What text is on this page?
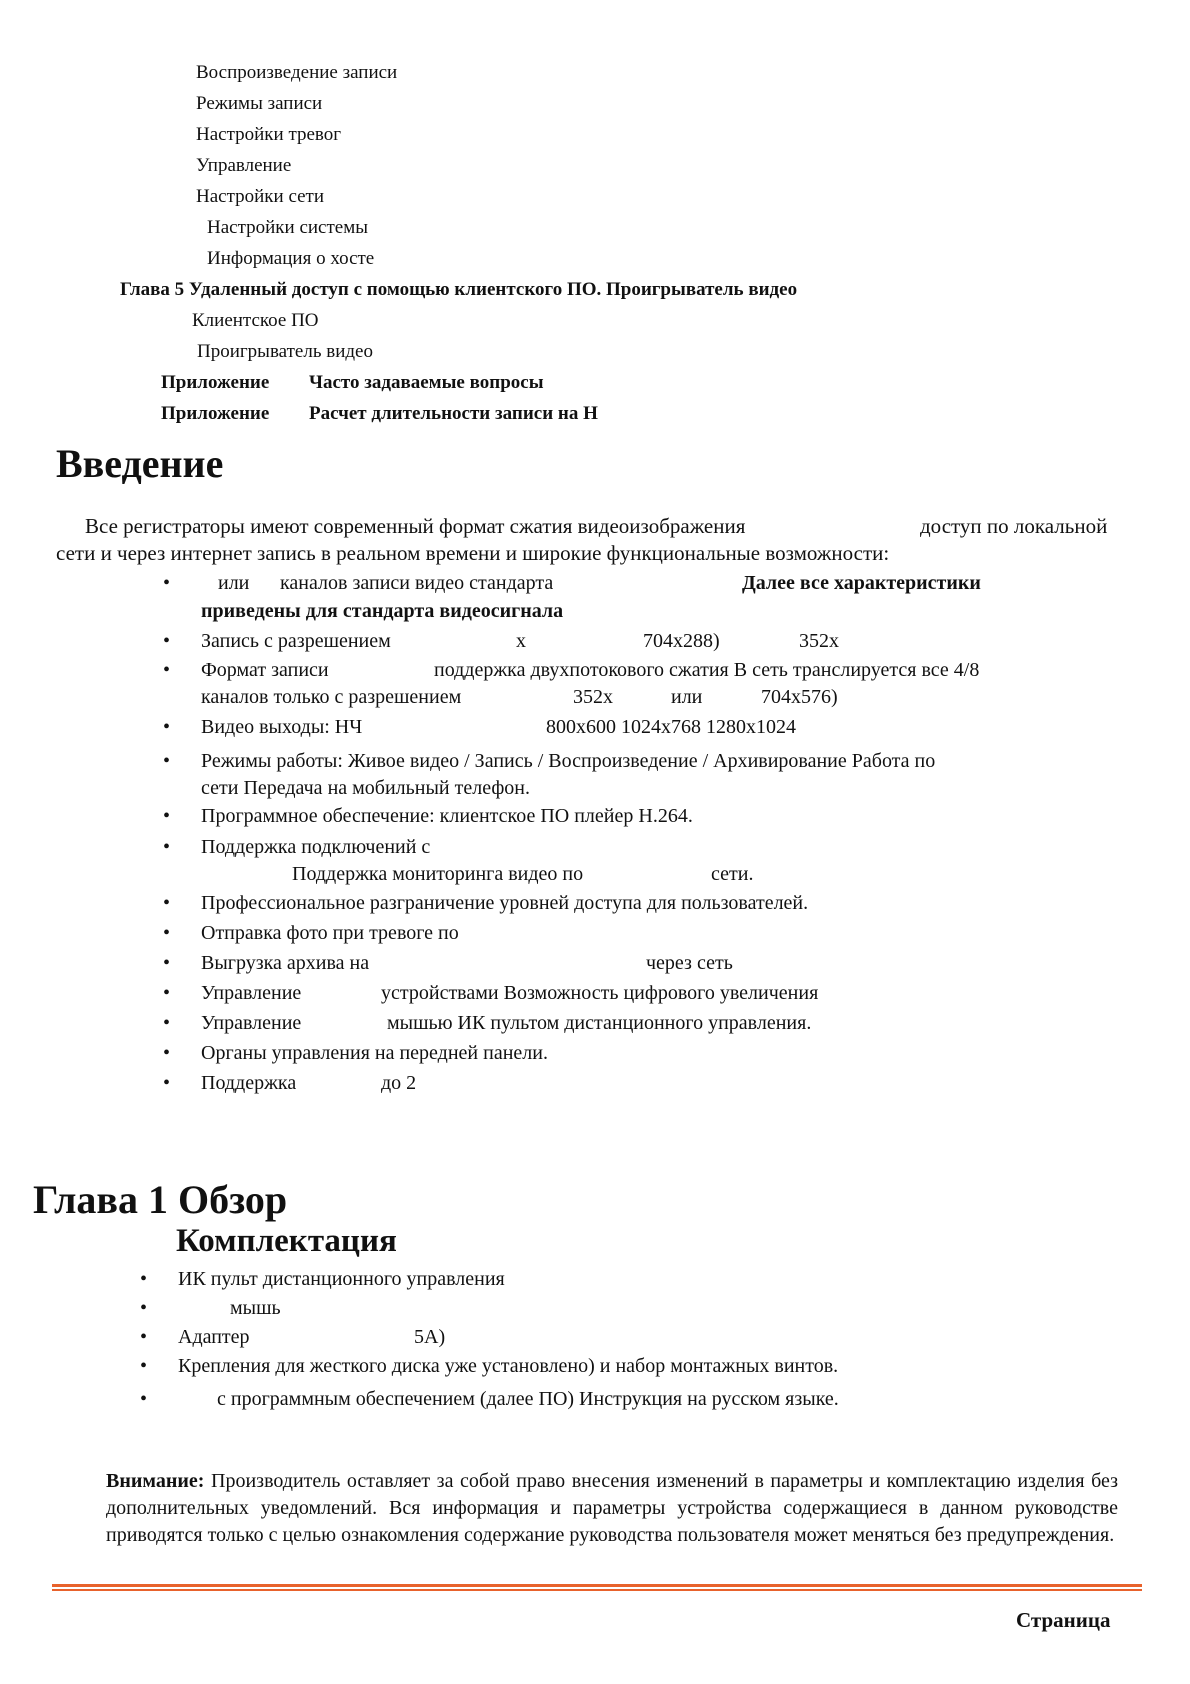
Воспроизведение записи
Режимы записи
Настройки тревог
Управление
Настройки сети
Настройки системы
Информация о хосте
Глава 5 Удаленный доступ с помощью клиентского ПО. Проигрыватель видео
Клиентское ПО
Проигрыватель видео
Приложение Часто задаваемые вопросы
Приложение Расчет длительности записи на H
Введение
Все регистраторы имеют современный формат сжатия видеоизображения	доступ по локальной
сети и через интернет запись в реальном времени и широкие функциональные возможности:
• или каналов записи видео стандарта	Далее все характеристики
приведены для стандарта видеосигнала
• Запись с разрешением	x	704x288)	352x
• Формат записи	поддержка двухпотокового сжатия В сеть транслируется все 4/8
каналов только с разрешением	352x	или	704x576)
• Видео выходы: НЧ	800x600 1024x768 1280x1024
• Режимы работы: Живое видео / Запись / Воспроизведение / Архивирование Работа по
сети Передача на мобильный телефон.
• Программное обеспечение: клиентское ПО плейер H.264.
• Поддержка подключений с
Поддержка мониторинга видео по	сети.
• Профессиональное разграничение уровней доступа для пользователей.
• Отправка фото при тревоге по
• Выгрузка архива на	через сеть
• Управление	устройствами Возможность цифрового увеличения
• Управление	мышью ИК пультом дистанционного управления.
• Органы управления на передней панели.
• Поддержка	до 2
Глава 1 Обзор
Комплектация
• ИК пульт дистанционного управления
•	мышь
• Адаптер	5A)
• Крепления для жесткого диска уже установлено) и набор монтажных винтов.
•	с программным обеспечением (далее ПО) Инструкция на русском языке.
Внимание: Производитель оставляет за собой право внесения изменений в параметры и комплектацию изделия без дополнительных уведомлений. Вся информация и параметры устройства содержащиеся в данном руководстве приводятся только с целью ознакомления содержание руководства пользователя может меняться без предупреждения.
Страница
